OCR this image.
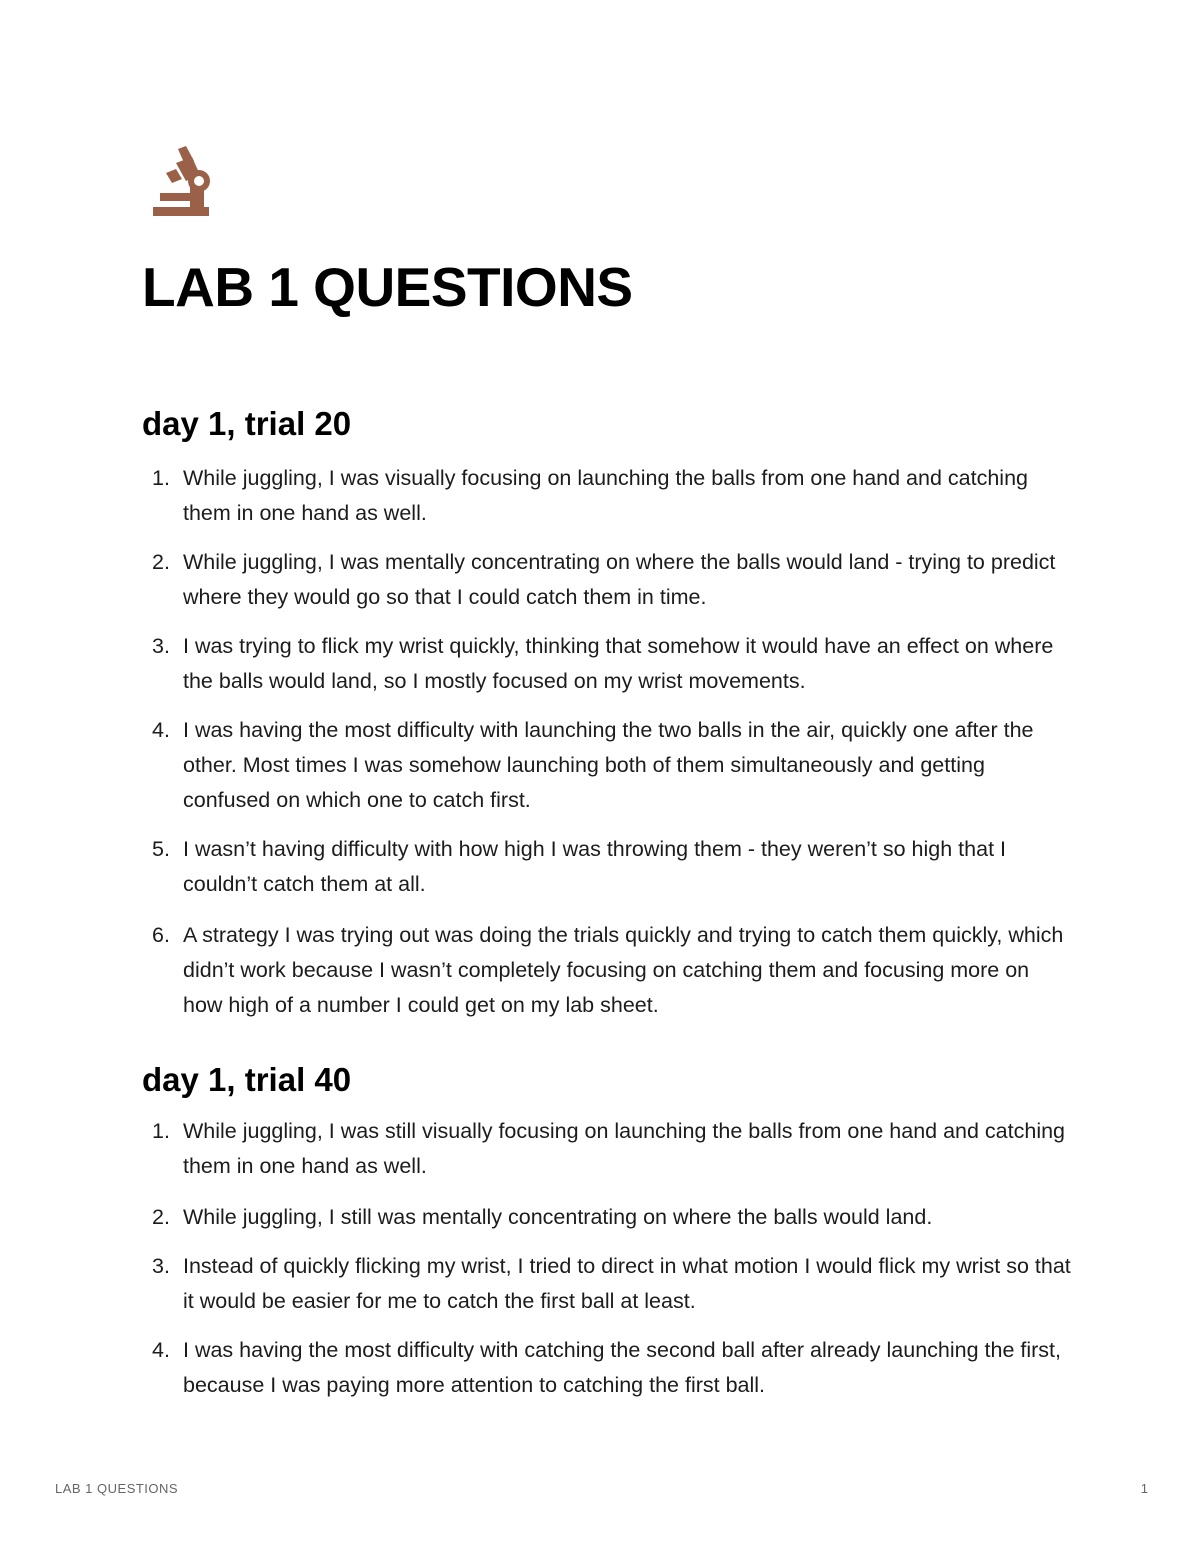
LAB 1 QUESTIONS
day 1, trial 20
1. While juggling, I was visually focusing on launching the balls from one hand and catching them in one hand as well.
2. While juggling, I was mentally concentrating on where the balls would land - trying to predict where they would go so that I could catch them in time.
3. I was trying to flick my wrist quickly, thinking that somehow it would have an effect on where the balls would land, so I mostly focused on my wrist movements.
4. I was having the most difficulty with launching the two balls in the air, quickly one after the other. Most times I was somehow launching both of them simultaneously and getting confused on which one to catch first.
5. I wasn’t having difficulty with how high I was throwing them - they weren’t so high that I couldn’t catch them at all.
6. A strategy I was trying out was doing the trials quickly and trying to catch them quickly, which didn’t work because I wasn’t completely focusing on catching them and focusing more on how high of a number I could get on my lab sheet.
day 1, trial 40
1. While juggling, I was still visually focusing on launching the balls from one hand and catching them in one hand as well.
2. While juggling, I still was mentally concentrating on where the balls would land.
3. Instead of quickly flicking my wrist, I tried to direct in what motion I would flick my wrist so that it would be easier for me to catch the first ball at least.
4. I was having the most difficulty with catching the second ball after already launching the first, because I was paying more attention to catching the first ball.
LAB 1 QUESTIONS	1
